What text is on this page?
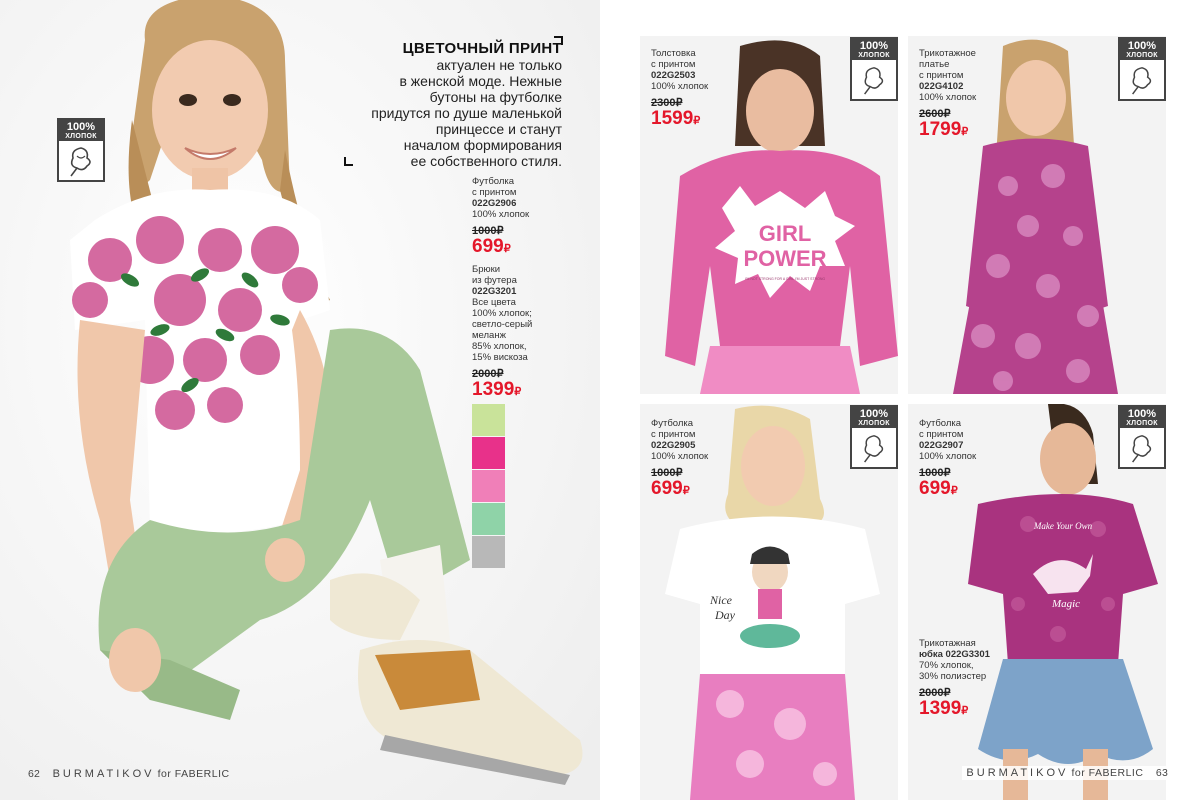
100%
ХЛОПОК
ЦВЕТОЧНЫЙ ПРИНТ
актуален не только
в женской моде. Нежные
бутоны на футболке
придутся по душе маленькой
принцессе и станут
началом формирования
ее собственного стиля.
Футболка
с принтом
022G2906
100% хлопок
1000₽
699₽
Брюки
из футера
022G3201
Все цвета
100% хлопок;
светло-серый
меланж
85% хлопок,
15% вискоза
2000₽
1399₽
62 BURMATIKOV for FABERLIC
GIRL
POWER
I'M NOT STRONG FOR A GIRL I'M JUST STRONG
Nice
Day
Make Your Own
Magic
Толстовка
с принтом
022G2503
100% хлопок
2300₽
1599₽
Трикотажное
платье
с принтом
022G4102
100% хлопок
2600₽
1799₽
Футболка
с принтом
022G2905
100% хлопок
1000₽
699₽
Футболка
с принтом
022G2907
100% хлопок
1000₽
699₽
Трикотажная
юбка 022G3301
70% хлопок,
30% полиэстер
2000₽
1399₽
100%
ХЛОПОК
100%
ХЛОПОК
100%
ХЛОПОК
100%
ХЛОПОК
BURMATIKOV for FABERLIC 63
